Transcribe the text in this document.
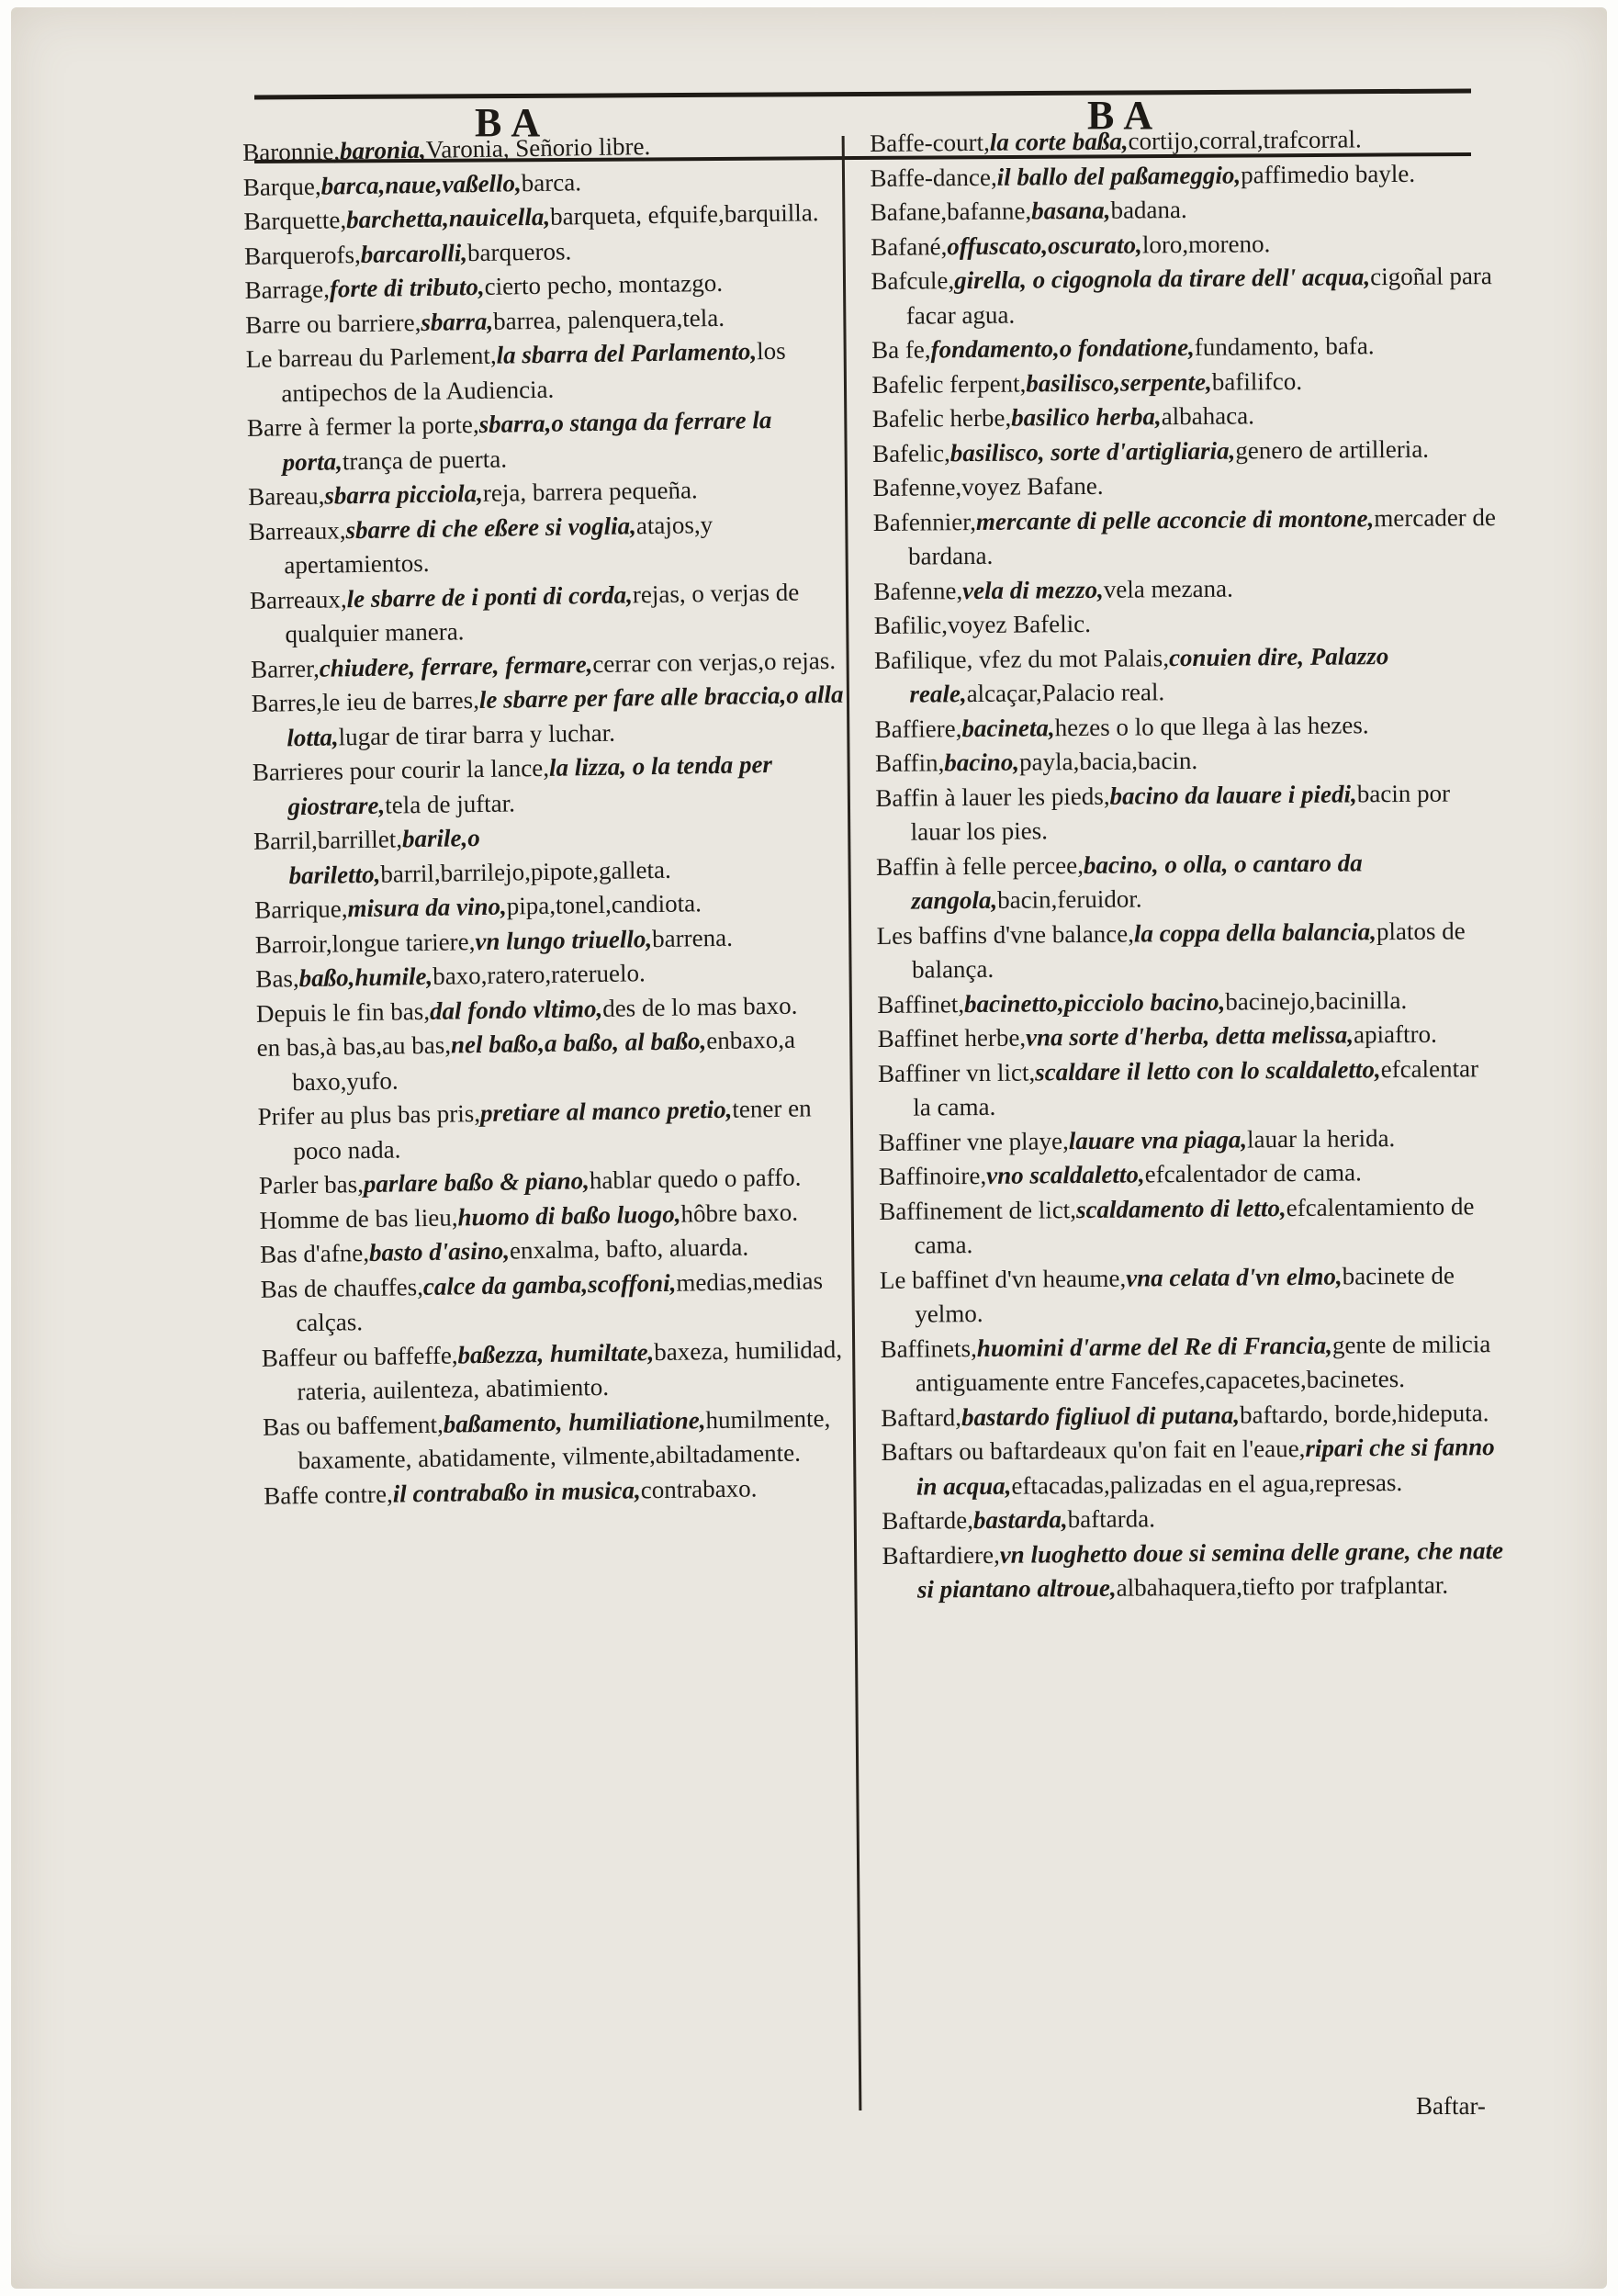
BA	BA

Baronnie,baronia,Varonia, Señorio libre.

Barque,barca,naue,vaßello,barca.

Barquette,barchetta,nauicella,barqueta, efquife,barquilla.

Barquerofs,barcarolli,barqueros.

Barrage,forte di tributo,cierto pecho, montazgo.

Barre ou barriere,sbarra,barrea, palenquera,tela.

Le barreau du Parlement,la sbarra del Parlamento,los antipechos de la Audiencia.

Barre à fermer la porte,sbarra,o stanga da ferrare la porta,trança de puerta.

Bareau,sbarra picciola,reja, barrera pequeña.

Barreaux,sbarre di che eßere si voglia,atajos,y apertamientos.

Barreaux,le sbarre de i ponti di corda,rejas, o verjas de qualquier manera.

Barrer,chiudere, ferrare, fermare,cerrar con verjas,o rejas.

Barres,le ieu de barres,le sbarre per fare alle braccia,o alla lotta,lugar de tirar barra y luchar.

Barrieres pour courir la lance,la lizza, o la tenda per giostrare,tela de juftar.

Barril,barrillet,barile,o bariletto,barril,barrilejo,pipote,galleta.

Barrique,misura da vino,pipa,tonel,candiota.

Barroir,longue tariere,vn lungo triuello,barrena.

Bas,baßo,humile,baxo,ratero,rateruelo.

Depuis le fin bas,dal fondo vltimo,des de lo mas baxo.

en bas,à bas,au bas,nel baßo,a baßo, al baßo,enbaxo,a baxo,yufo.

Prifer au plus bas pris,pretiare al manco pretio,tener en poco nada.

Parler bas,parlare baßo & piano,hablar quedo o paffo.

Homme de bas lieu,huomo di baßo luogo,hôbre baxo.

Bas d'afne,basto d'asino,enxalma, bafto, aluarda.

Bas de chauffes,calce da gamba,scoffoni,medias,medias calças.

Baffeur ou baffeffe,baßezza, humiltate,baxeza, humilidad, rateria, auilenteza, abatimiento.

Bas ou baffement,baßamento, humiliatione,humilmente, baxamente, abatidamente, vilmente,abiltadamente.

Baffe contre,il contrabaßo in musica,contrabaxo.

Baffe-court,la corte baßa,cortijo,corral,trafcorral.

Baffe-dance,il ballo del paßameggio,paffimedio bayle.

Bafane,bafanne,basana,badana.

Bafané,offuscato,oscurato,loro,moreno.

Bafcule,girella, o cigognola da tirare dell' acqua,cigoñal para facar agua.

Ba fe,fondamento,o fondatione,fundamento, bafa.

Bafelic ferpent,basilisco,serpente,bafilifco.

Bafelic herbe,basilico herba,albahaca.

Bafelic,basilisco, sorte d'artigliaria,genero de artilleria.

Bafenne,voyez Bafane.

Bafennier,mercante di pelle acconcie di montone,mercader de bardana.

Bafenne,vela di mezzo,vela mezana.

Bafilic,voyez Bafelic.

Bafilique, vfez du mot Palais,conuien dire, Palazzo reale,alcaçar,Palacio real.

Baffiere,bacineta,hezes o lo que llega à las hezes.

Baffin,bacino,payla,bacia,bacin.

Baffin à lauer les pieds,bacino da lauare i piedi,bacin por lauar los pies.

Baffin à felle percee,bacino, o olla, o cantaro da zangola,bacin,feruidor.

Les baffins d'vne balance,la coppa della balancia,platos de balança.

Baffinet,bacinetto,picciolo bacino,bacinejo,bacinilla.

Baffinet herbe,vna sorte d'herba, detta melissa,apiaftro.

Baffiner vn lict,scaldare il letto con lo scaldaletto,efcalentar la cama.

Baffiner vne playe,lauare vna piaga,lauar la herida.

Baffinoire,vno scaldaletto,efcalentador de cama.

Baffinement de lict,scaldamento di letto,efcalentamiento de cama.

Le baffinet d'vn heaume,vna celata d'vn elmo,bacinete de yelmo.

Baffinets,huomini d'arme del Re di Francia,gente de milicia antiguamente entre Fancefes,capacetes,bacinetes.

Baftard,bastardo figliuol di putana,baftardo, borde,hideputa.

Baftars ou baftardeaux qu'on fait en l'eaue,ripari che si fanno in acqua,eftacadas,palizadas en el agua,represas.

Baftarde,bastarda,baftarda.

Baftardiere,vn luoghetto doue si semina delle grane, che nate si piantano altroue,albahaquera,tiefto por trafplantar.

Baftar-
